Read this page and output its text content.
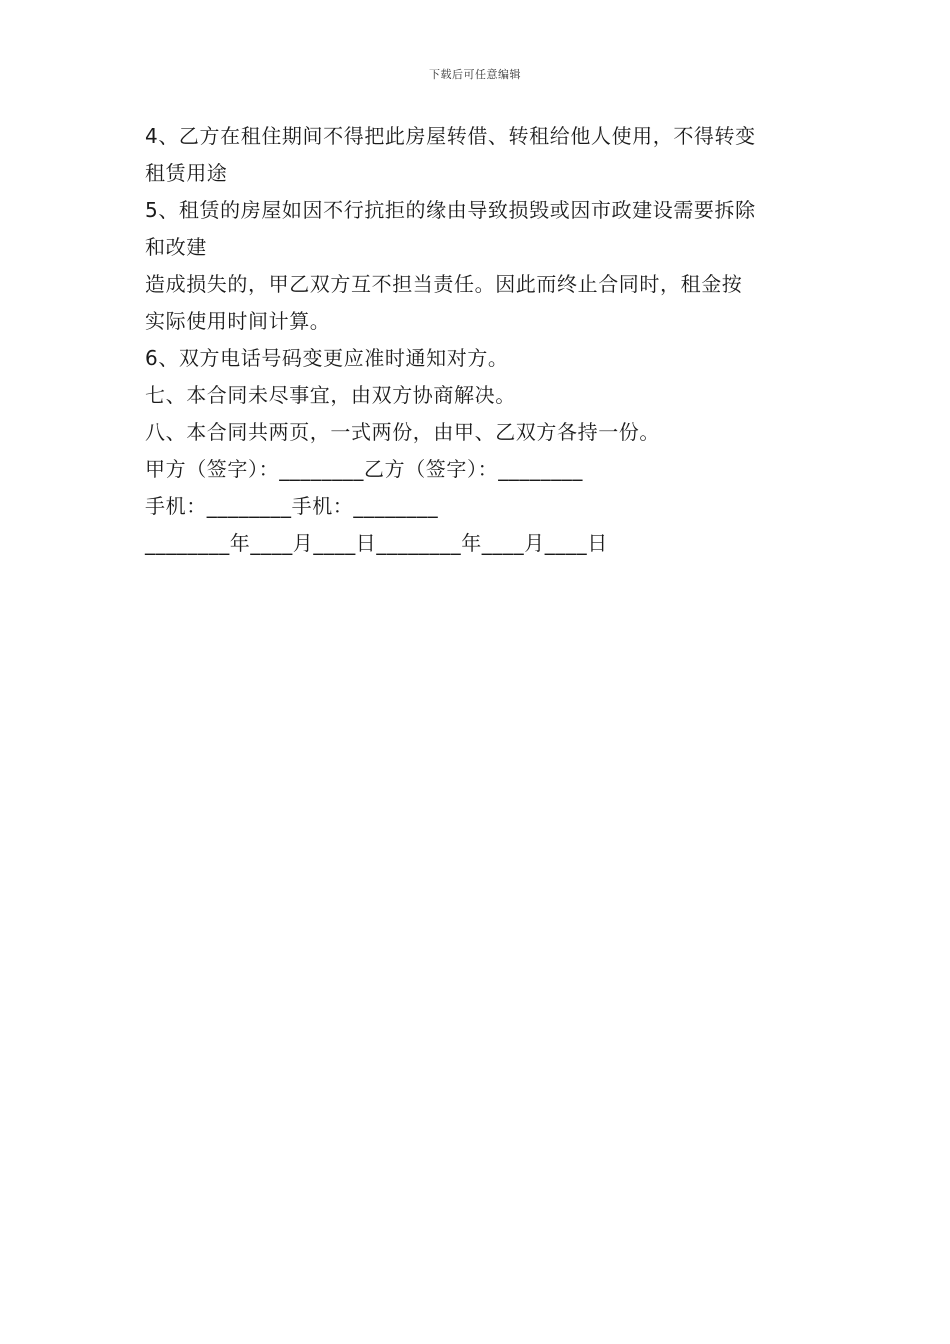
下载后可任意编辑
4、乙方在租住期间不得把此房屋转借、转租给他人使用，不得转变
租赁用途
5、租赁的房屋如因不行抗拒的缘由导致损毁或因市政建设需要拆除
和改建
造成损失的，甲乙双方互不担当责任。因此而终止合同时，租金按
实际使用时间计算。
6、双方电话号码变更应准时通知对方。
七、本合同未尽事宜，由双方协商解决。
八、本合同共两页，一式两份，由甲、乙双方各持一份。
甲方（签字）：________乙方（签字）：________
手机：________手机：________
________年____月____日________年____月____日
